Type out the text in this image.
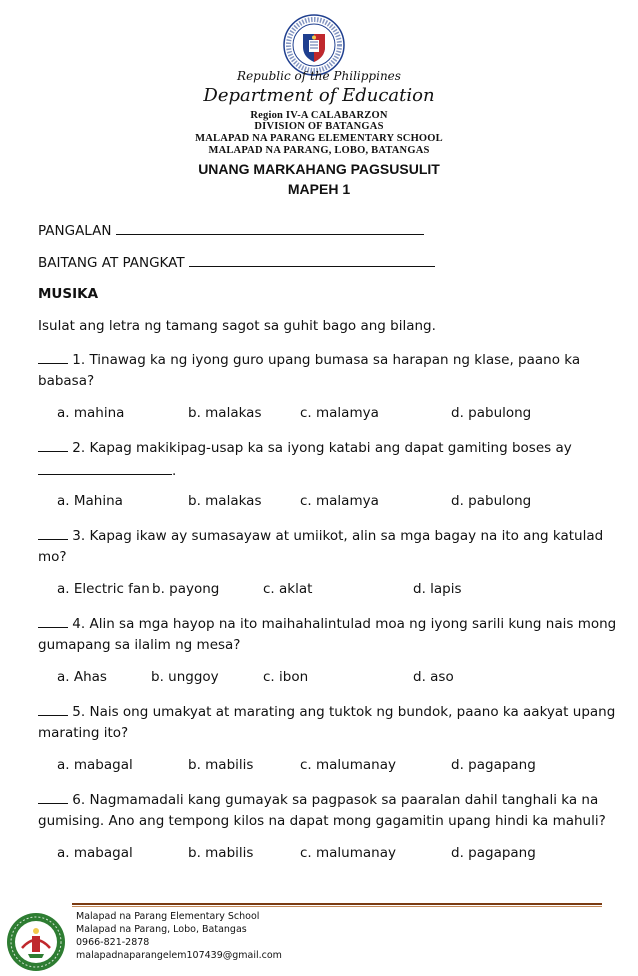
Republic of the Philippines
Department of Education
Region IV-A CALABARZON
DIVISION OF BATANGAS
MALAPAD NA PARANG ELEMENTARY SCHOOL
MALAPAD NA PARANG, LOBO, BATANGAS
UNANG MARKAHANG PAGSUSULIT
MAPEH 1
PANGALAN
BAITANG AT PANGKAT
MUSIKA
Isulat ang letra ng tamang sagot sa guhit bago ang bilang.
1. Tinawag ka ng iyong guro upang bumasa sa harapan ng klase, paano ka
babasa?
a. mahina	b. malakas	c. malamya	d. pabulong
2. Kapag makikipag-usap ka sa iyong katabi ang dapat gamiting boses ay
.
a. Mahina	b. malakas	c. malamya	d. pabulong
3. Kapag ikaw ay sumasayaw at umiikot, alin sa mga bagay na ito ang katulad
mo?
a. Electric fan b. payong	c. aklat	d. lapis
4. Alin sa mga hayop na ito maihahalintulad moa ng iyong sarili kung nais mong
gumapang sa ilalim ng mesa?
a. Ahas	b. unggoy	c. ibon	d. aso
5. Nais ong umakyat at marating ang tuktok ng bundok, paano ka aakyat upang
marating ito?
a. mabagal	b. mabilis	c. malumanay	d. pagapang
6. Nagmamadali kang gumayak sa pagpasok sa paaralan dahil tanghali ka na
gumising. Ano ang tempong kilos na dapat mong gagamitin upang hindi ka mahuli?
a. mabagal	b. mabilis	c. malumanay	d. pagapang
Malapad na Parang Elementary School
Malapad na Parang, Lobo, Batangas
0966-821-2878
malapadnaparangelem107439@gmail.com
